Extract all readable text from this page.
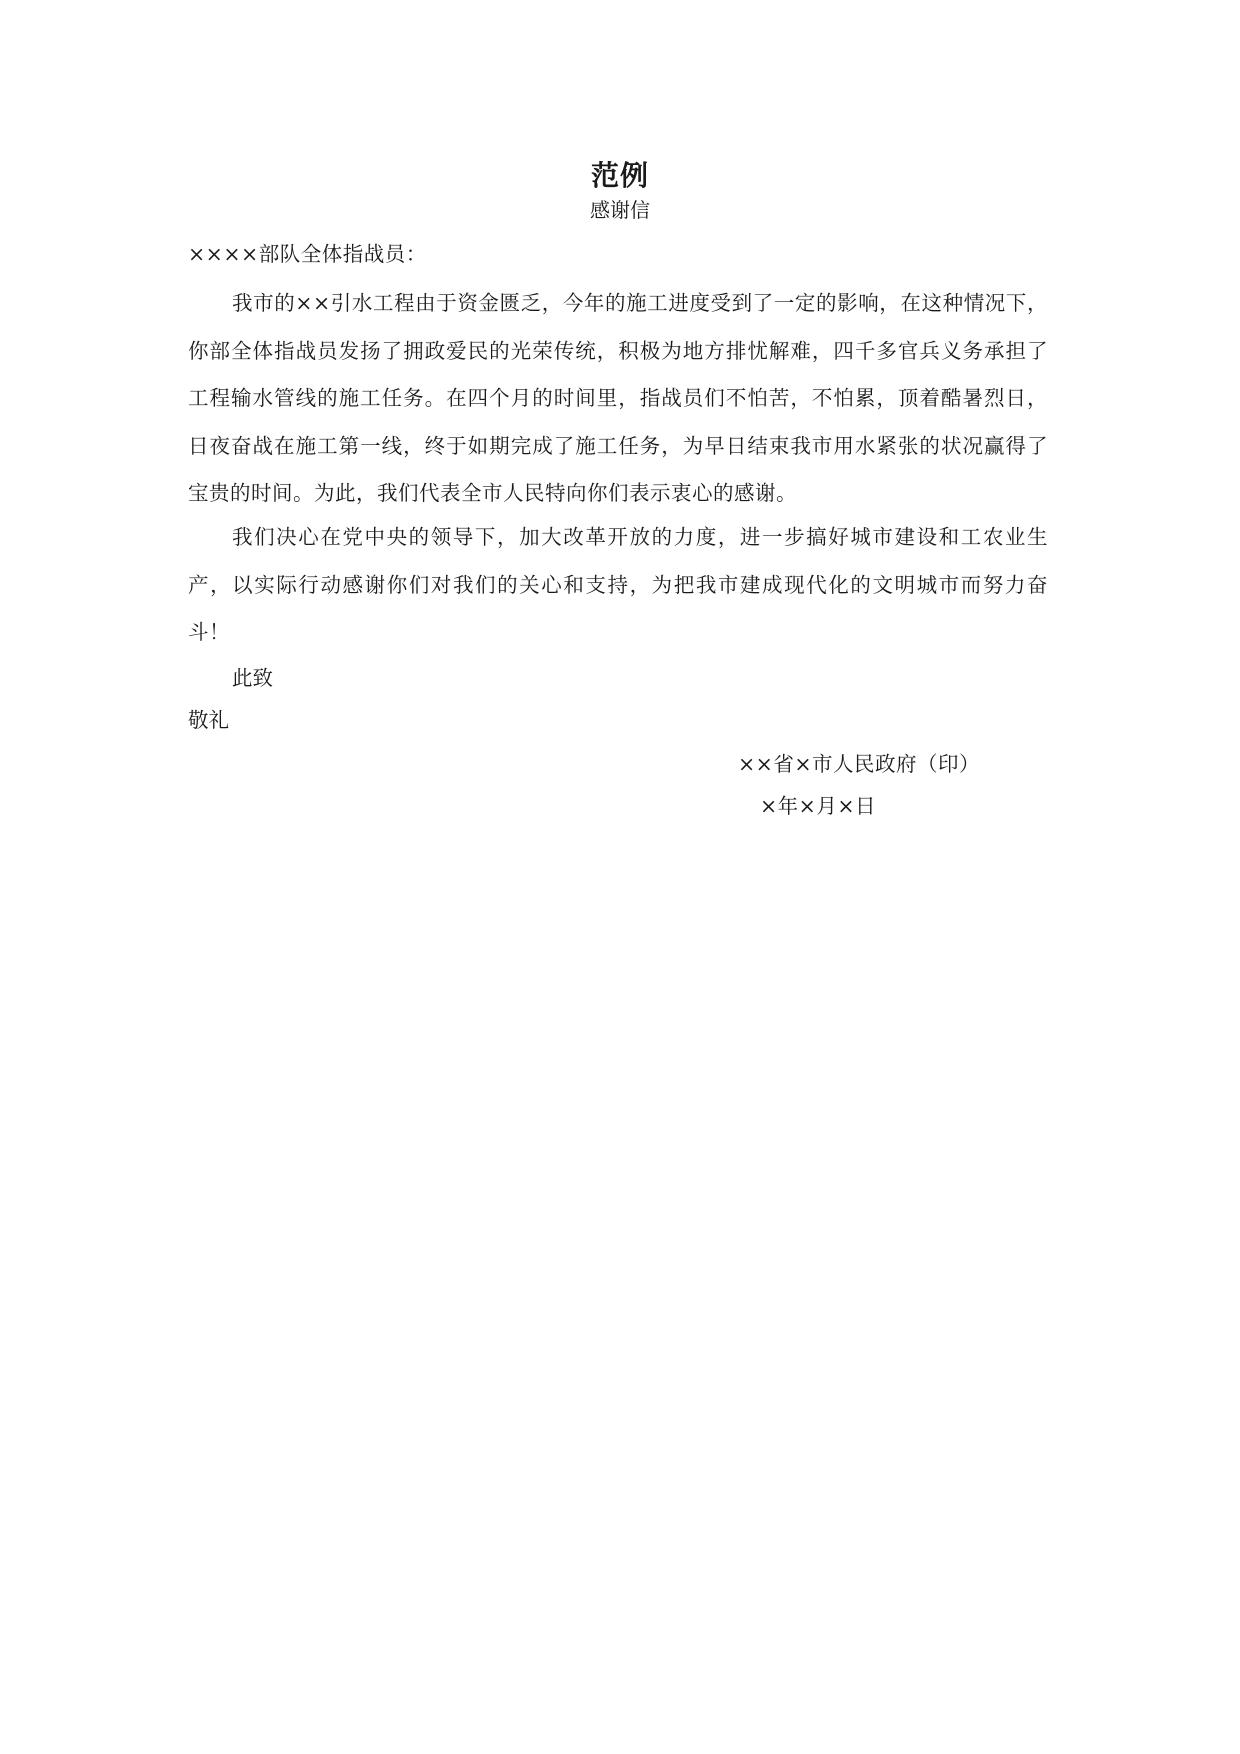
范例
感谢信
××××部队全体指战员：
我市的××引水工程由于资金匮乏，今年的施工进度受到了一定的影响，在这种情况下，你部全体指战员发扬了拥政爱民的光荣传统，积极为地方排忧解难，四千多官兵义务承担了工程输水管线的施工任务。在四个月的时间里，指战员们不怕苦，不怕累，顶着酷暑烈日，日夜奋战在施工第一线，终于如期完成了施工任务，为早日结束我市用水紧张的状况赢得了宝贵的时间。为此，我们代表全市人民特向你们表示衷心的感谢。
我们决心在党中央的领导下，加大改革开放的力度，进一步搞好城市建设和工农业生产，以实际行动感谢你们对我们的关心和支持，为把我市建成现代化的文明城市而努力奋斗！
此致
敬礼
××省×市人民政府（印）
×年×月×日
